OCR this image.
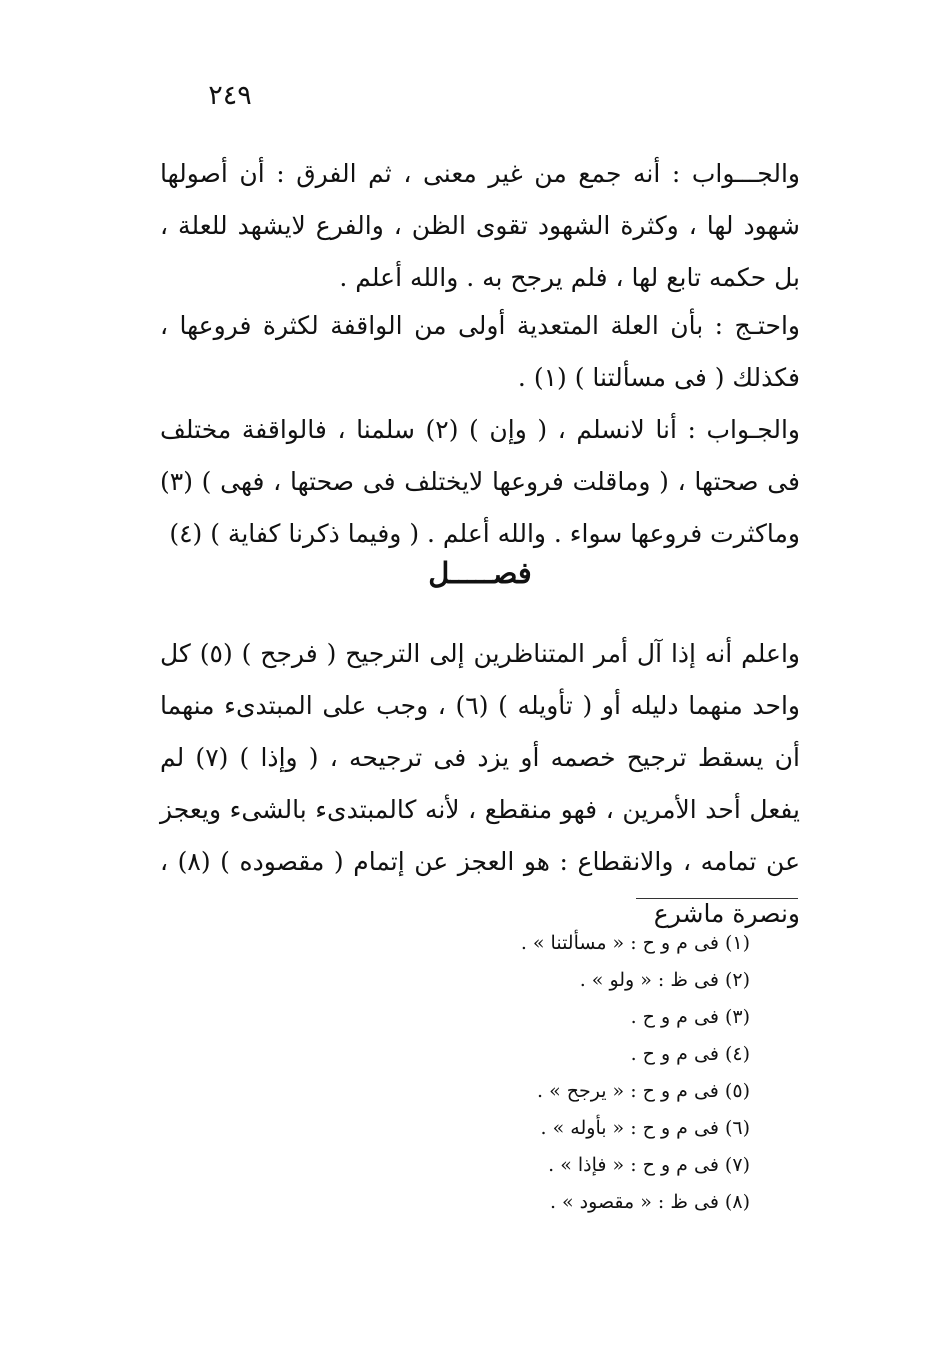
٢٤٩

والجـــواب : أنه جمع من غير معنى ، ثم الفرق : أن أصولها شهود لها ، وكثرة الشهود تقوى الظن ، والفرع لايشهد للعلة ، بل حكمه تابع لها ، فلم يرجح به . والله أعلم .

واحتـج : بأن العلة المتعدية أولى من الواقفة لكثرة فروعها ، فكذلك ( فى مسألتنا ) (١) .

والجـواب : أنا لانسلم ، ( وإن ) (٢) سلمنا ، فالواقفة مختلف فى صحتها ، ( وماقلت فروعها لايختلف فى صحتها ، فهى ) (٣) وماكثرت فروعها سواء . والله أعلم . ( وفيما ذكرنا كفاية ) (٤)

فصـــــل

واعلم أنه إذا آل أمر المتناظرين إلى الترجيح ( فرجح ) (٥) كل واحد منهما دليله أو ( تأويله ) (٦) ، وجب على المبتدىء منهما أن يسقط ترجيح خصمه أو يزد فى ترجيحه ، ( وإذا ) (٧) لم يفعل أحد الأمرين ، فهو منقطع ، لأنه كالمبتدىء بالشىء ويعجز عن تمامه ، والانقطاع : هو العجز عن إتمام ( مقصوده ) (٨) ، ونصرة ماشرع

(١) فى م و ح : « مسألتنا » .
(٢) فى ظ : « ولو » .
(٣) فى م و ح .
(٤) فى م و ح .
(٥) فى م و ح : « يرجح » .
(٦) فى م و ح : « بأوله » .
(٧) فى م و ح : « فإذا » .
(٨) فى ظ : « مقصود » .
